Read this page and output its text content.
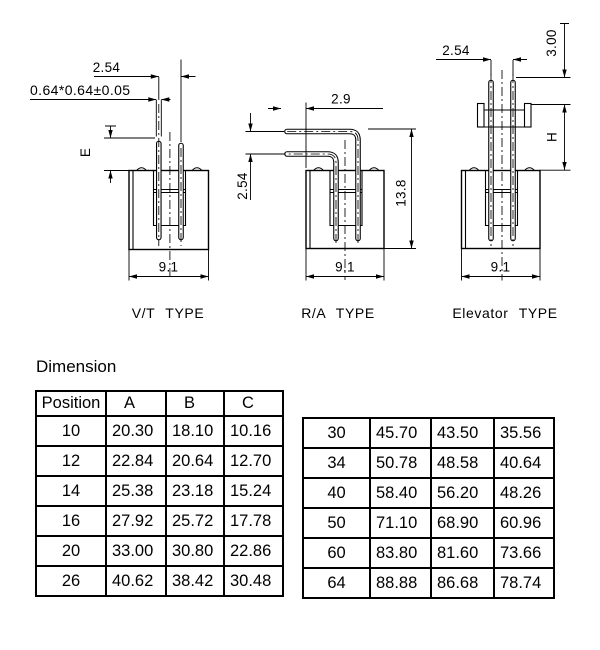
2.54
0.64*0.64±0.05
E
9.1
V/T TYPE
2.9
2.54	13.8
9.1
R/A TYPE
2.54	3.00
H
9.1
Elevator TYPE
Dimension
Position	A	B	C
10	20.30	18.10	10.16
12	22.84	20.64	12.70
14	25.38	23.18	15.24
16	27.92	25.72	17.78
20	33.00	30.80	22.86
26	40.62	38.42	30.48
30	45.70	43.50	35.56
34	50.78	48.58	40.64
40	58.40	56.20	48.26
50	71.10	68.90	60.96
60	83.80	81.60	73.66
64	88.88	86.68	78.74
